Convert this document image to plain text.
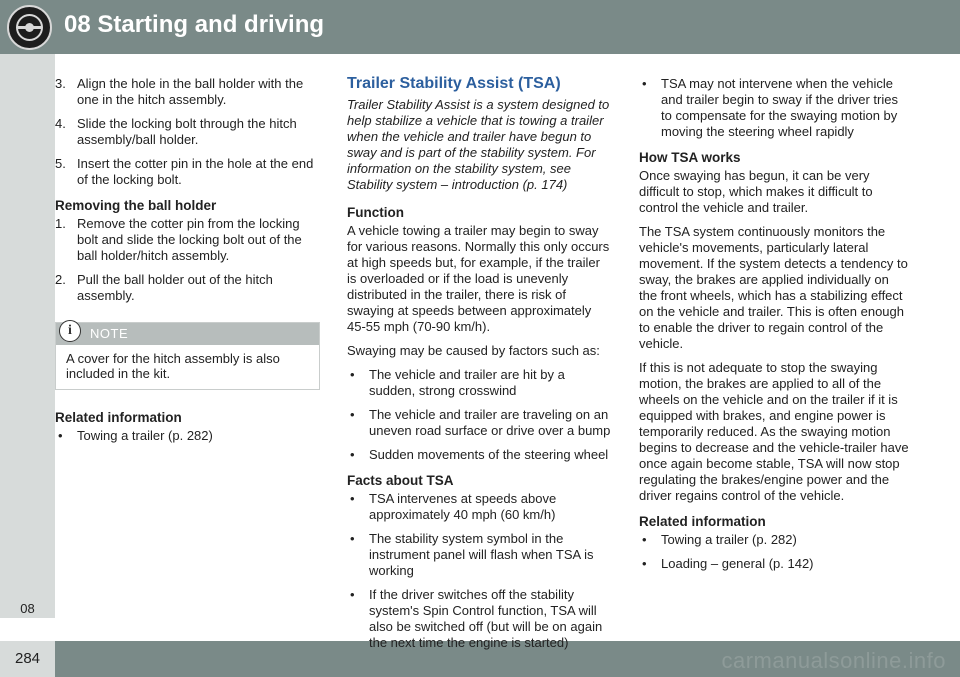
08 Starting and driving
08
284	carmanualsonline.info
3. Align the hole in the ball holder with the one in the hitch assembly.
4. Slide the locking bolt through the hitch assembly/ball holder.
5. Insert the cotter pin in the hole at the end of the locking bolt.
Removing the ball holder
1. Remove the cotter pin from the locking bolt and slide the locking bolt out of the ball holder/hitch assembly.
2. Pull the ball holder out of the hitch assembly.
i	NOTE
A cover for the hitch assembly is also included in the kit.
Related information
• Towing a trailer (p. 282)
Trailer Stability Assist (TSA)

Trailer Stability Assist is a system designed to help stabilize a vehicle that is towing a trailer when the vehicle and trailer have begun to sway and is part of the stability system. For information on the stability system, see Stability system – introduction (p. 174)

Function

A vehicle towing a trailer may begin to sway for various reasons. Normally this only occurs at high speeds but, for example, if the trailer is overloaded or if the load is unevenly distributed in the trailer, there is risk of swaying at speeds between approximately 45-55 mph (70-90 km/h).

Swaying may be caused by factors such as:

• The vehicle and trailer are hit by a sudden, strong crosswind
• The vehicle and trailer are traveling on an uneven road surface or drive over a bump
• Sudden movements of the steering wheel
Facts about TSA
• TSA intervenes at speeds above approximately 40 mph (60 km/h)
• The stability system symbol in the instrument panel will flash when TSA is working
• If the driver switches off the stability system's Spin Control function, TSA will also be switched off (but will be on again the next time the engine is started)
• TSA may not intervene when the vehicle and trailer begin to sway if the driver tries to compensate for the swaying motion by moving the steering wheel rapidly
How TSA works

Once swaying has begun, it can be very difficult to stop, which makes it difficult to control the vehicle and trailer.

The TSA system continuously monitors the vehicle's movements, particularly lateral movement. If the system detects a tendency to sway, the brakes are applied individually on the front wheels, which has a stabilizing effect on the vehicle and trailer. This is often enough to enable the driver to regain control of the vehicle.

If this is not adequate to stop the swaying motion, the brakes are applied to all of the wheels on the vehicle and on the trailer if it is equipped with brakes, and engine power is temporarily reduced. As the swaying motion begins to decrease and the vehicle-trailer have once again become stable, TSA will now stop regulating the brakes/engine power and the driver regains control of the vehicle.

Related information
• Towing a trailer (p. 282)
• Loading – general (p. 142)
